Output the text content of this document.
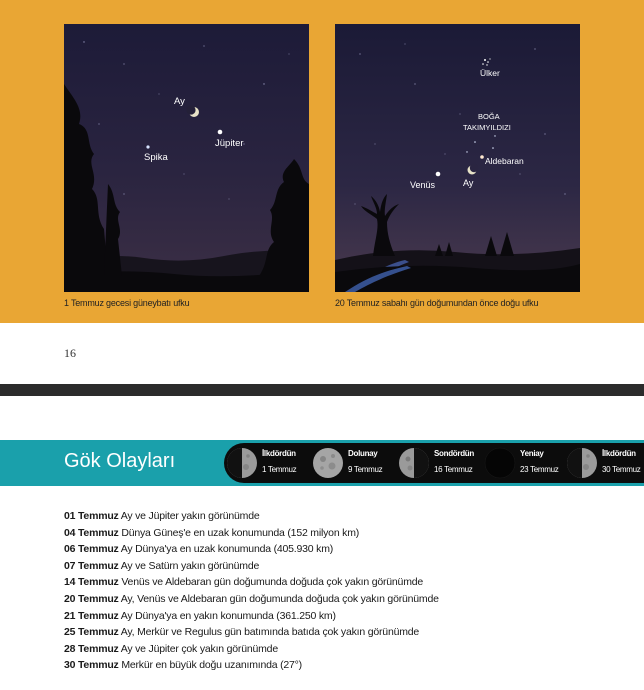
Ay
Jüpiter
Spika
1 Temmuz gecesi güneybatı ufku
Ülker
BOĞA
TAKIMYILDIZI
Aldebaran
Ay
Venüs
20 Temmuz sabahı gün doğumundan önce doğu ufku
16
Gök Olayları	İlkdördün
1 Temmuz
Dolunay
9 Temmuz
Sondördün
16 Temmuz
Yeniay
23 Temmuz
İlkdördün
30 Temmuz
01 Temmuz Ay ve Jüpiter yakın görünümde
04 Temmuz Dünya Güneş'e en uzak konumunda (152 milyon km)
06 Temmuz Ay Dünya'ya en uzak konumunda (405.930 km)
07 Temmuz Ay ve Satürn yakın görünümde
14 Temmuz Venüs ve Aldebaran gün doğumunda doğuda çok yakın görünümde
20 Temmuz Ay, Venüs ve Aldebaran gün doğumunda doğuda çok yakın görünümde
21 Temmuz Ay Dünya'ya en yakın konumunda (361.250 km)
25 Temmuz Ay, Merkür ve Regulus gün batımında batıda çok yakın görünümde
28 Temmuz Ay ve Jüpiter çok yakın görünümde
30 Temmuz Merkür en büyük doğu uzanımında (27°)
